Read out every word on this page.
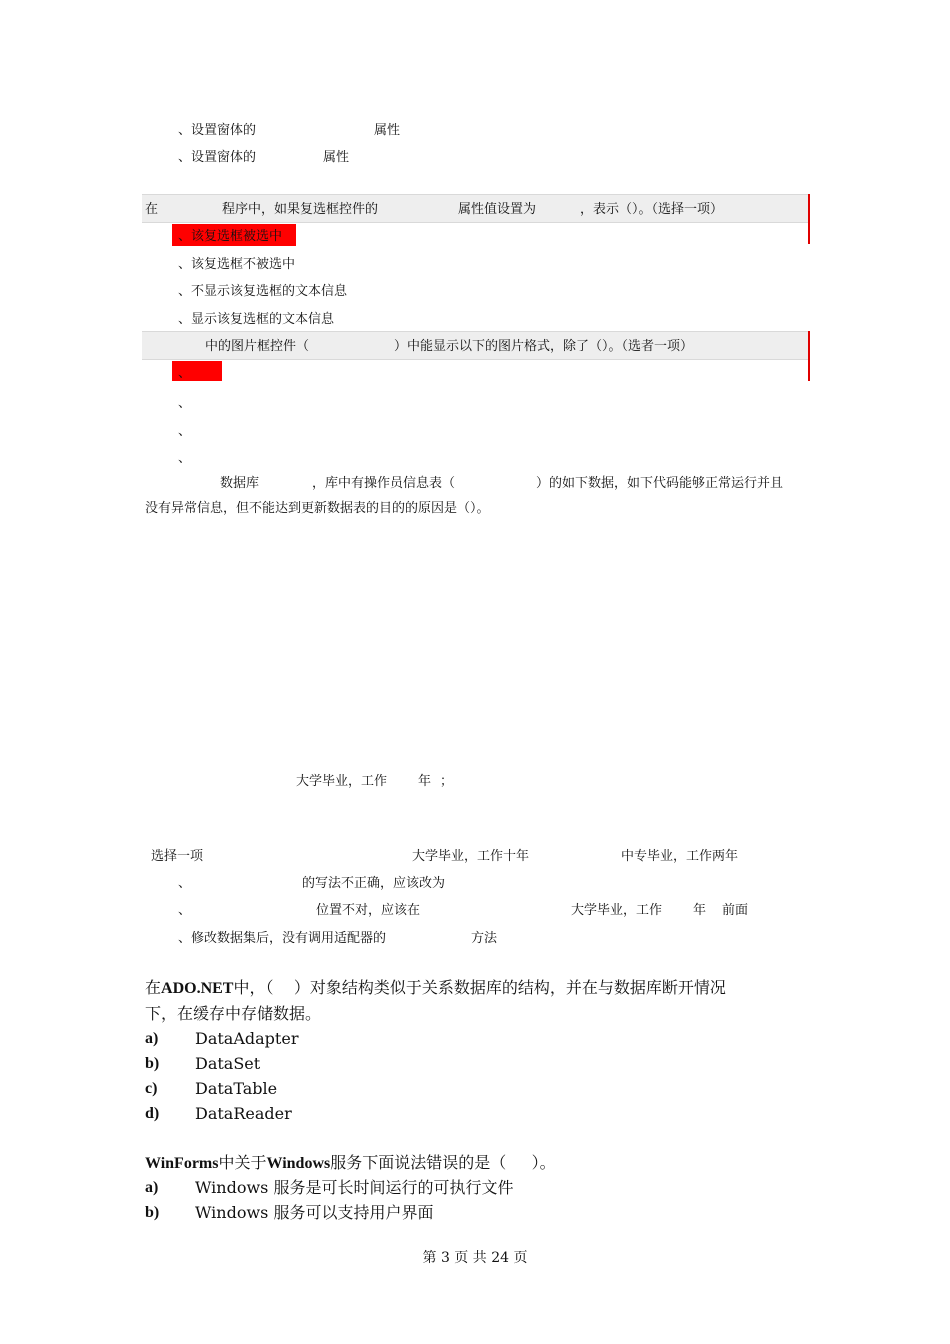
、设置窗体的	属性
、设置窗体的	属性
在	程序中，如果复选框控件的	属性值设置为	，表示（）。（选择一项）
、该复选框被选中
、该复选框不被选中
、不显示该复选框的文本信息
、显示该复选框的文本信息
中的图片框控件（	）中能显示以下的图片格式，除了（）。（选者一项）
、
、
、
、
数据库	，库中有操作员信息表（	）的如下数据，如下代码能够正常运行并且
没有异常信息，但不能达到更新数据表的目的的原因是（）。
大学毕业，工作 年 ；
选择一项	大学毕业，工作十年	中专毕业，工作两年
、	的写法不正确，应该改为
、	位置不对，应该在	大学毕业，工作 年 前面
、修改数据集后，没有调用适配器的	方法
在ADO.NET中，（    ）对象结构类似于关系数据库的结构，并在与数据库断开情况
下，在缓存中存储数据。
a) DataAdapter
b) DataSet
c) DataTable
d) DataReader
WinForms中关于Windows服务下面说法错误的是（     ）。
a) Windows 服务是可长时间运行的可执行文件
b) Windows 服务可以支持用户界面
第 3 页 共 24 页
